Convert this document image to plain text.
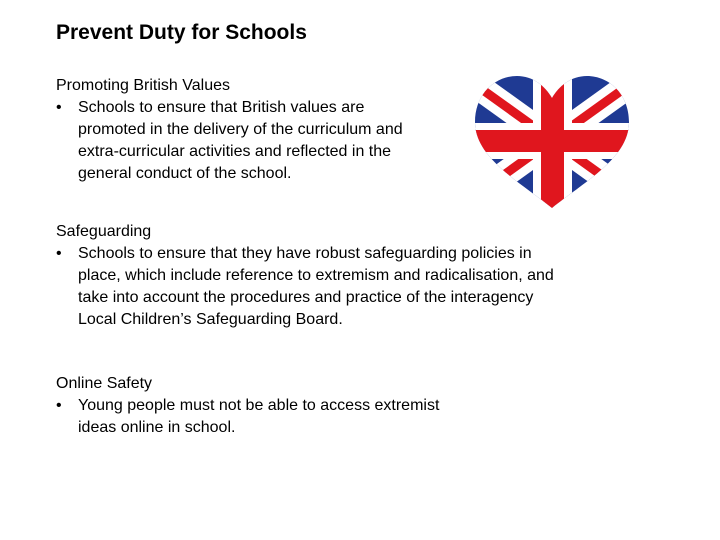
Prevent Duty for Schools
Promoting British Values
• Schools to ensure that British values are
promoted in the delivery of the curriculum and
extra-curricular activities and reflected in the
general conduct of the school.
Safeguarding
• Schools to ensure that they have robust safeguarding policies in
place, which include reference to extremism and radicalisation, and
take into account the procedures and practice of the interagency
Local Children’s Safeguarding Board.
Online Safety
• Young people must not be able to access extremist
ideas online in school.
